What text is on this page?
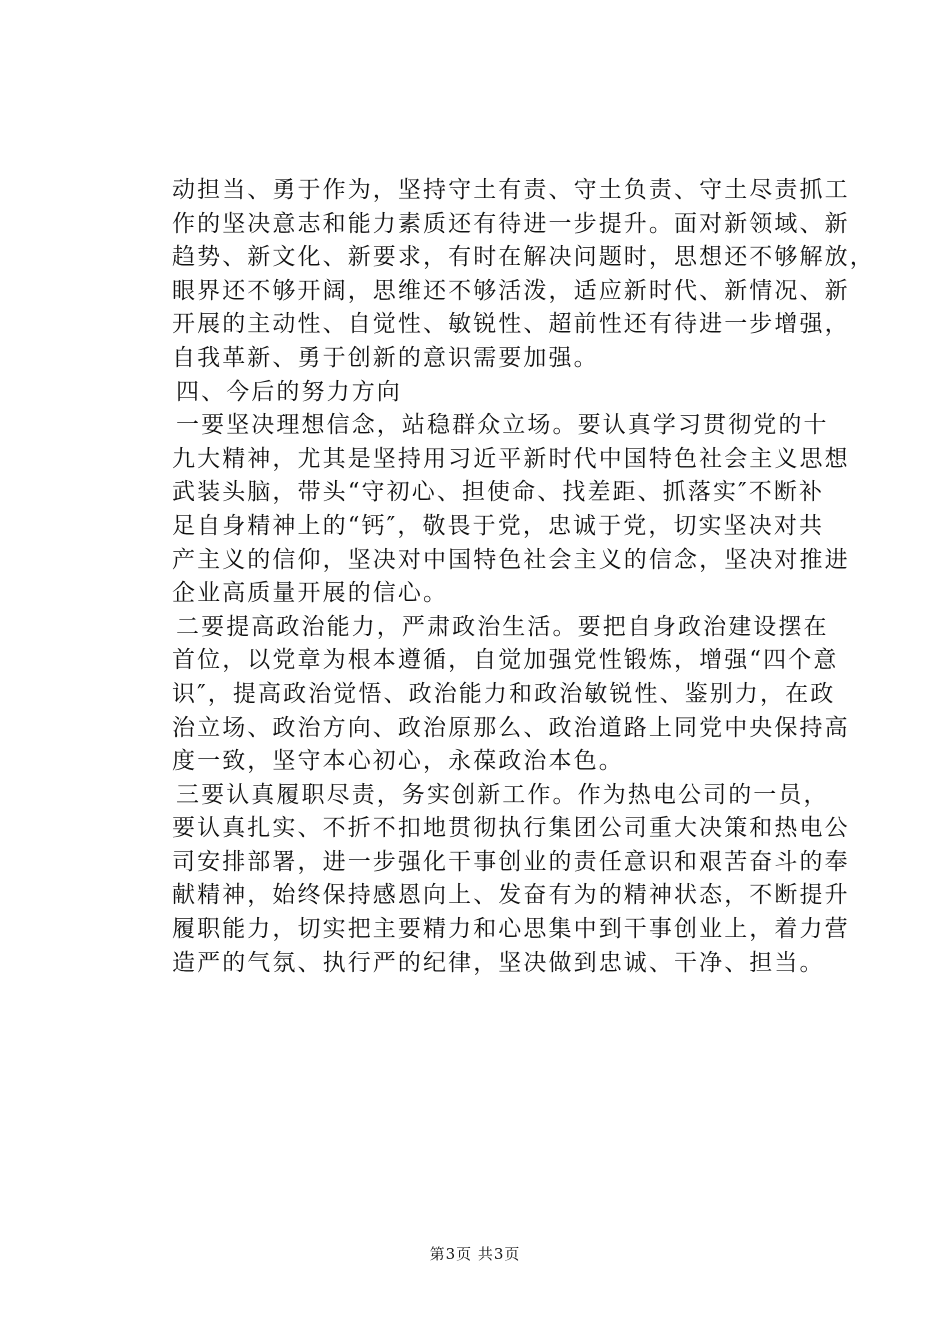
动担当、勇于作为，坚持守土有责、守土负责、守土尽责抓工
作的坚决意志和能力素质还有待进一步提升。面对新领域、新
趋势、新文化、新要求，有时在解决问题时，思想还不够解放，
眼界还不够开阔，思维还不够活泼，适应新时代、新情况、新
开展的主动性、自觉性、敏锐性、超前性还有待进一步增强，
自我革新、勇于创新的意识需要加强。
四、今后的努力方向
一要坚决理想信念，站稳群众立场。要认真学习贯彻党的十
九大精神，尤其是坚持用习近平新时代中国特色社会主义思想
武装头脑，带头“守初心、担使命、找差距、抓落实″不断补
足自身精神上的“钙″，敬畏于党，忠诚于党，切实坚决对共
产主义的信仰，坚决对中国特色社会主义的信念，坚决对推进
企业高质量开展的信心。
二要提高政治能力，严肃政治生活。要把自身政治建设摆在
首位，以党章为根本遵循，自觉加强党性锻炼，增强“四个意
识″，提高政治觉悟、政治能力和政治敏锐性、鉴别力，在政
治立场、政治方向、政治原那么、政治道路上同党中央保持高
度一致，坚守本心初心，永葆政治本色。
三要认真履职尽责，务实创新工作。作为热电公司的一员，
要认真扎实、不折不扣地贯彻执行集团公司重大决策和热电公
司安排部署，进一步强化干事创业的责任意识和艰苦奋斗的奉
献精神，始终保持感恩向上、发奋有为的精神状态，不断提升
履职能力，切实把主要精力和心思集中到干事创业上，着力营
造严的气氛、执行严的纪律，坚决做到忠诚、干净、担当。
第3页 共3页
